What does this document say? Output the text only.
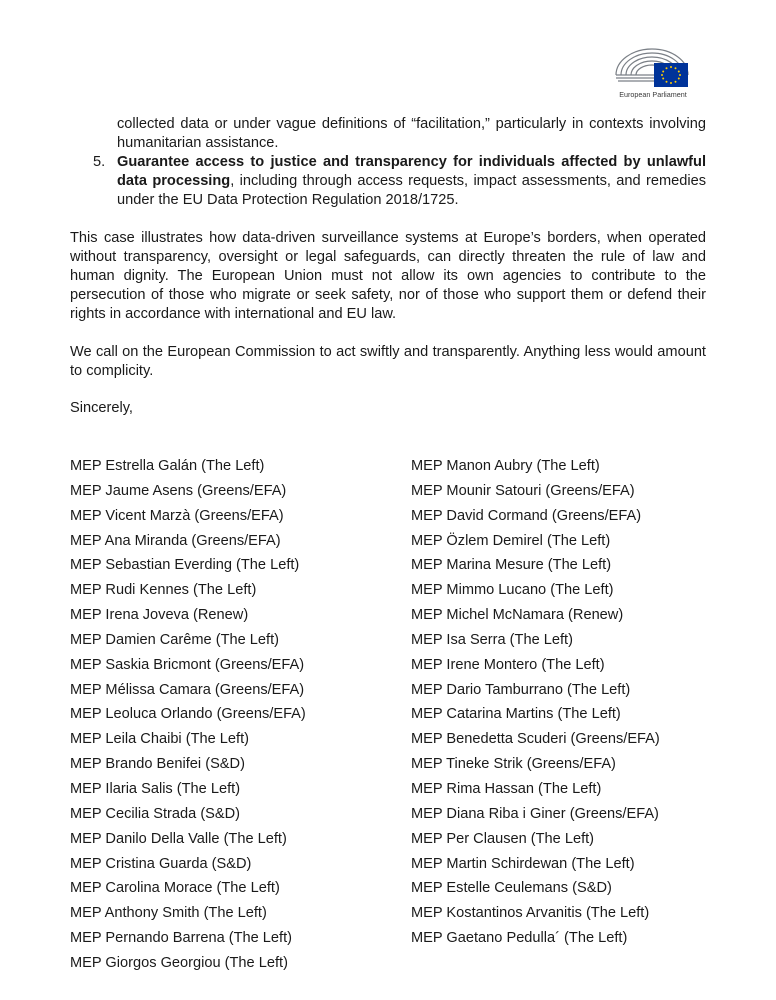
European Parliament
collected data or under vague definitions of “facilitation,” particularly in contexts involving humanitarian assistance.
5. Guarantee access to justice and transparency for individuals affected by unlawful data processing, including through access requests, impact assessments, and remedies under the EU Data Protection Regulation 2018/1725.
This case illustrates how data-driven surveillance systems at Europe’s borders, when operated without transparency, oversight or legal safeguards, can directly threaten the rule of law and human dignity. The European Union must not allow its own agencies to contribute to the persecution of those who migrate or seek safety, nor of those who support them or defend their rights in accordance with international and EU law.
We call on the European Commission to act swiftly and transparently. Anything less would amount to complicity.
Sincerely,
MEP Estrella Galán (The Left)
MEP Jaume Asens (Greens/EFA)
MEP Vicent Marzà (Greens/EFA)
MEP Ana Miranda (Greens/EFA)
MEP Sebastian Everding (The Left)
MEP Rudi Kennes (The Left)
MEP Irena Joveva (Renew)
MEP Damien Carême (The Left)
MEP Saskia Bricmont (Greens/EFA)
MEP Mélissa Camara (Greens/EFA)
MEP Leoluca Orlando (Greens/EFA)
MEP Leila Chaibi (The Left)
MEP Brando Benifei (S&D)
MEP Ilaria Salis (The Left)
MEP Cecilia Strada (S&D)
MEP Danilo Della Valle (The Left)
MEP Cristina Guarda (S&D)
MEP Carolina Morace (The Left)
MEP Anthony Smith (The Left)
MEP Pernando Barrena (The Left)
MEP Giorgos Georgiou (The Left)
MEP Manon Aubry (The Left)
MEP Mounir Satouri (Greens/EFA)
MEP David Cormand (Greens/EFA)
MEP Özlem Demirel (The Left)
MEP Marina Mesure (The Left)
MEP Mimmo Lucano (The Left)
MEP Michel McNamara (Renew)
MEP Isa Serra (The Left)
MEP Irene Montero (The Left)
MEP Dario Tamburrano (The Left)
MEP Catarina Martins (The Left)
MEP Benedetta Scuderi (Greens/EFA)
MEP Tineke Strik (Greens/EFA)
MEP Rima Hassan (The Left)
MEP Diana Riba i Giner (Greens/EFA)
MEP Per Clausen (The Left)
MEP Martin Schirdewan (The Left)
MEP Estelle Ceulemans (S&D)
MEP Kostantinos Arvanitis (The Left)
MEP Gaetano Pedulla´ (The Left)
